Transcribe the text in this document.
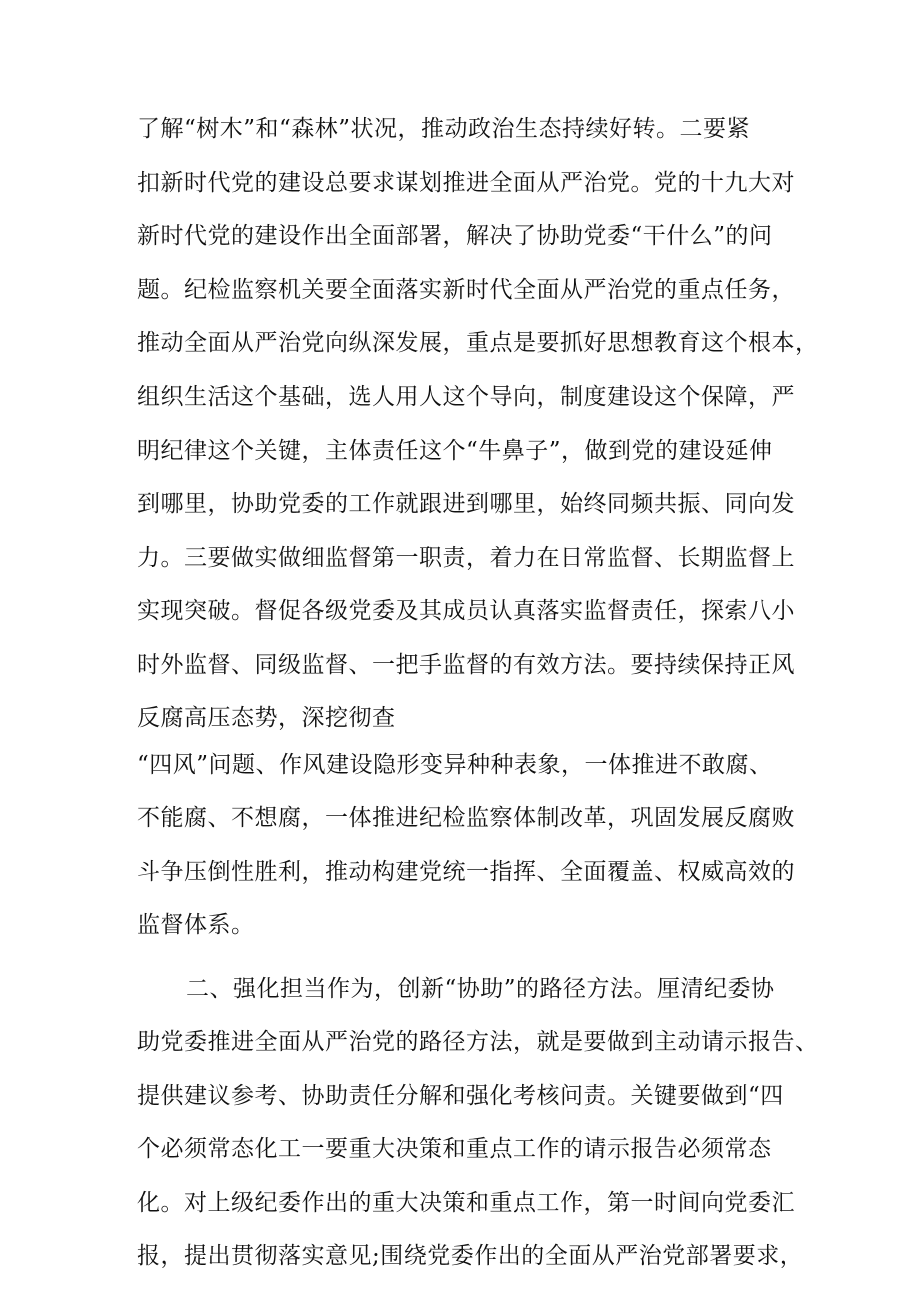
了解“树木”和“森林”状况，推动政治生态持续好转。二要紧
扣新时代党的建设总要求谋划推进全面从严治党。党的十九大对
新时代党的建设作出全面部署，解决了协助党委“干什么”的问
题。纪检监察机关要全面落实新时代全面从严治党的重点任务，
推动全面从严治党向纵深发展，重点是要抓好思想教育这个根本，
组织生活这个基础，选人用人这个导向，制度建设这个保障，严
明纪律这个关键，主体责任这个“牛鼻子”，做到党的建设延伸
到哪里，协助党委的工作就跟进到哪里，始终同频共振、同向发
力。三要做实做细监督第一职责，着力在日常监督、长期监督上
实现突破。督促各级党委及其成员认真落实监督责任，探索八小
时外监督、同级监督、一把手监督的有效方法。要持续保持正风
反腐高压态势，深挖彻查
“四风”问题、作风建设隐形变异种种表象，一体推进不敢腐、
不能腐、不想腐，一体推进纪检监察体制改革，巩固发展反腐败
斗争压倒性胜利，推动构建党统一指挥、全面覆盖、权威高效的
监督体系。
二、强化担当作为，创新“协助”的路径方法。厘清纪委协
助党委推进全面从严治党的路径方法，就是要做到主动请示报告、
提供建议参考、协助责任分解和强化考核问责。关键要做到“四
个必须常态化工一要重大决策和重点工作的请示报告必须常态
化。对上级纪委作出的重大决策和重点工作，第一时间向党委汇
报，提出贯彻落实意见;围绕党委作出的全面从严治党部署要求，
